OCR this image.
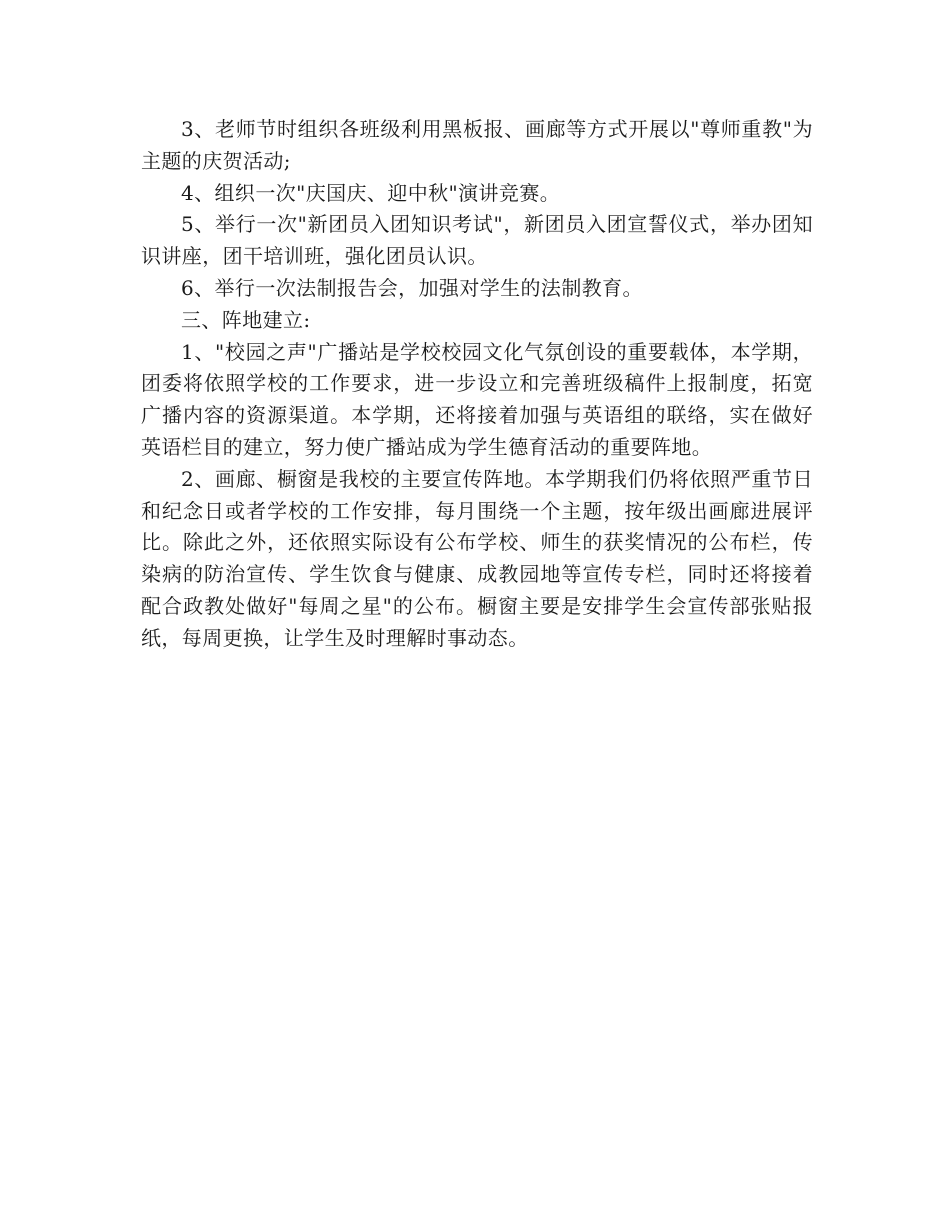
3、老师节时组织各班级利用黑板报、画廊等方式开展以"尊师重教"为主题的庆贺活动;

4、组织一次"庆国庆、迎中秋"演讲竞赛。

5、举行一次"新团员入团知识考试"，新团员入团宣誓仪式，举办团知识讲座，团干培训班，强化团员认识。

6、举行一次法制报告会，加强对学生的法制教育。

三、阵地建立:

1、"校园之声"广播站是学校校园文化气氛创设的重要载体，本学期，团委将依照学校的工作要求，进一步设立和完善班级稿件上报制度，拓宽广播内容的资源渠道。本学期，还将接着加强与英语组的联络，实在做好英语栏目的建立，努力使广播站成为学生德育活动的重要阵地。

2、画廊、橱窗是我校的主要宣传阵地。本学期我们仍将依照严重节日和纪念日或者学校的工作安排，每月围绕一个主题，按年级出画廊进展评比。除此之外，还依照实际设有公布学校、师生的获奖情况的公布栏，传染病的防治宣传、学生饮食与健康、成教园地等宣传专栏，同时还将接着配合政教处做好"每周之星"的公布。橱窗主要是安排学生会宣传部张贴报纸，每周更换，让学生及时理解时事动态。
